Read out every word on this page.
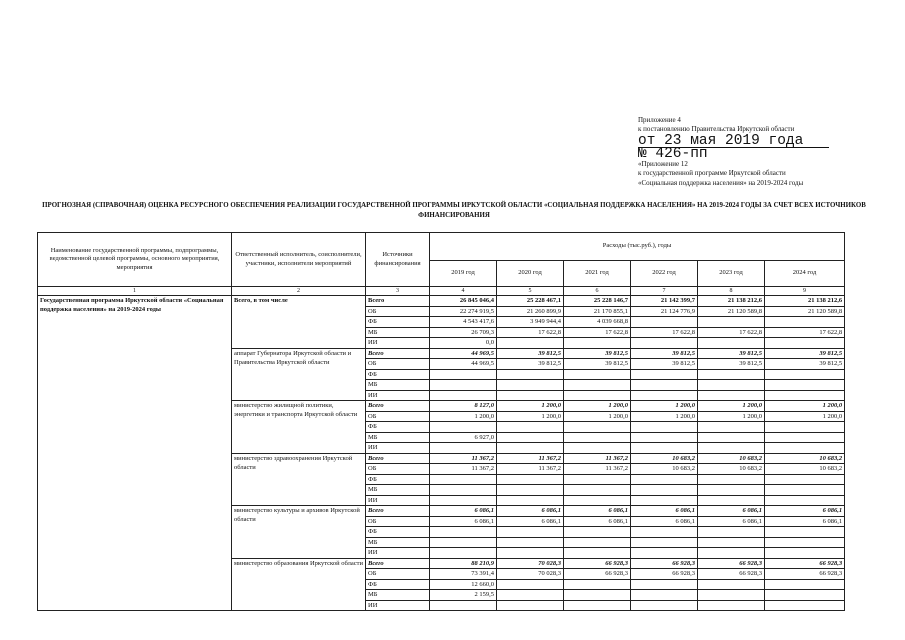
Приложение 4
к постановлению Правительства Иркутской области
от 23 мая 2019 года
№ 426-пп
«Приложение 12
к государственной программе Иркутской области
«Социальная поддержка населения» на 2019-2024 годы
ПРОГНОЗНАЯ (СПРАВОЧНАЯ) ОЦЕНКА РЕСУРСНОГО ОБЕСПЕЧЕНИЯ РЕАЛИЗАЦИИ ГОСУДАРСТВЕННОЙ ПРОГРАММЫ ИРКУТСКОЙ ОБЛАСТИ «СОЦИАЛЬНАЯ ПОДДЕРЖКА НАСЕЛЕНИЯ» НА 2019-2024 ГОДЫ ЗА СЧЕТ ВСЕХ ИСТОЧНИКОВ ФИНАНСИРОВАНИЯ
Наименование государственной программы, подпрограммы, ведомственной целевой программы, основного мероприятия, мероприятия	Ответственный исполнитель, соисполнители, участники, исполнители мероприятий	Источники финансирования	Расходы (тыс.руб.), годы					
			2019 год	2020 год	2021 год	2022 год	2023 год	2024 год
1	2	3	4	5	6	7	8	9
Государственная программа Иркутской области «Социальная поддержка населения» на 2019-2024 годы	Всего, в том числе	Всего	26 845 046,4	25 228 467,1	25 228 146,7	21 142 399,7	21 138 212,6	21 138 212,6
		ОБ	22 274 919,5	21 260 899,9	21 170 855,1	21 124 776,9	21 120 589,8	21 120 589,8
		ФБ	4 543 417,6	3 949 944,4	4 039 668,8			
		МБ	26 709,3	17 622,8	17 622,8	17 622,8	17 622,8	17 622,8
		ИИ	0,0					
	аппарат Губернатора Иркутской области и Правительства Иркутской области	Всего	44 969,5	39 812,5	39 812,5	39 812,5	39 812,5	39 812,5
		ОБ	44 969,5	39 812,5	39 812,5	39 812,5	39 812,5	39 812,5
		ФБ						
		МБ						
		ИИ						
	министерство жилищной политики, энергетики и транспорта Иркутской области	Всего	8 127,0	1 200,0	1 200,0	1 200,0	1 200,0	1 200,0
		ОБ	1 200,0	1 200,0	1 200,0	1 200,0	1 200,0	1 200,0
		ФБ						
		МБ	6 927,0					
		ИИ						
	министерство здравоохранения Иркутской области	Всего	11 367,2	11 367,2	11 367,2	10 683,2	10 683,2	10 683,2
		ОБ	11 367,2	11 367,2	11 367,2	10 683,2	10 683,2	10 683,2
		ФБ						
		МБ						
		ИИ						
	министерство культуры и архивов Иркутской области	Всего	6 086,1	6 086,1	6 086,1	6 086,1	6 086,1	6 086,1
		ОБ	6 086,1	6 086,1	6 086,1	6 086,1	6 086,1	6 086,1
		ФБ						
		МБ						
		ИИ						
	министерство образования Иркутской области	Всего	88 210,9	70 028,3	66 928,3	66 928,3	66 928,3	66 928,3
		ОБ	73 391,4	70 028,3	66 928,3	66 928,3	66 928,3	66 928,3
		ФБ	12 660,0					
		МБ	2 159,5					
		ИИ						
